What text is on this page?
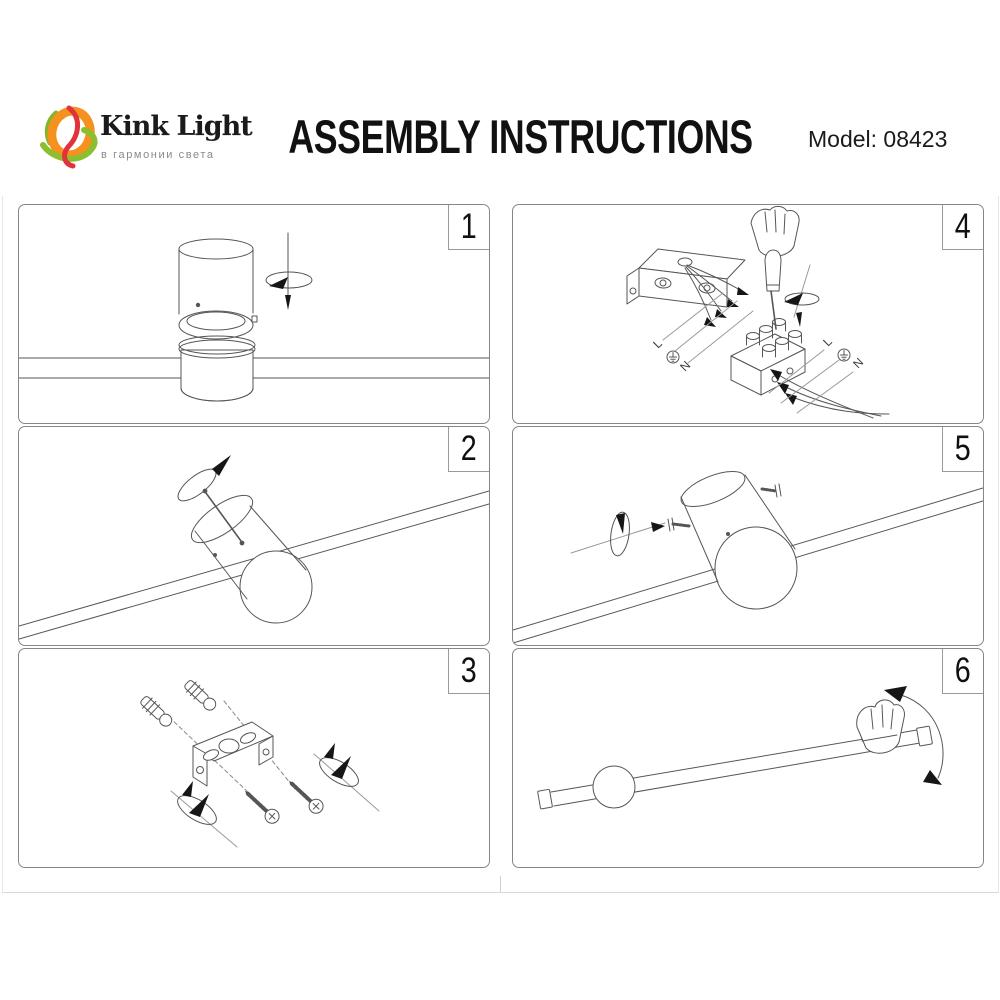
Kink Light
в гармонии света	ASSEMBLY INSTRUCTIONS	Model: 08423
1
L
N
L
N
4
2	5
3	6
